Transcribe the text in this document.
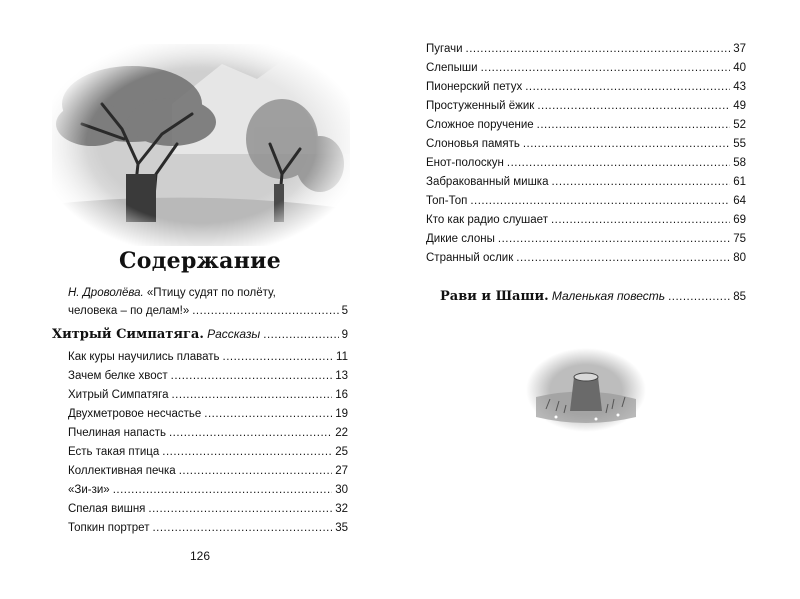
Содержание
Н. Дроволёва. «Птицу судят по полёту,
человека – по делам!» .....	5
Хитрый Симпатяга. Рассказы .....	9
Как куры научились плавать .....	11
Зачем белке хвост .....	13
Хитрый Симпатяга .....	16
Двухметровое несчастье .....	19
Пчелиная напасть .....	22
Есть такая птица .....	25
Коллективная печка .....	27
«Зи-зи» .....	30
Спелая вишня .....	32
Топкин портрет .....	35
126
Пугачи .....	37
Слепыши .....	40
Пионерский петух .....	43
Простуженный ёжик .....	49
Сложное поручение .....	52
Слоновья память .....	55
Енот-полоскун .....	58
Забракованный мишка .....	61
Топ-Топ .....	64
Кто как радио слушает .....	69
Дикие слоны .....	75
Странный ослик .....	80
Рави и Шаши. Маленькая повесть .....	85
